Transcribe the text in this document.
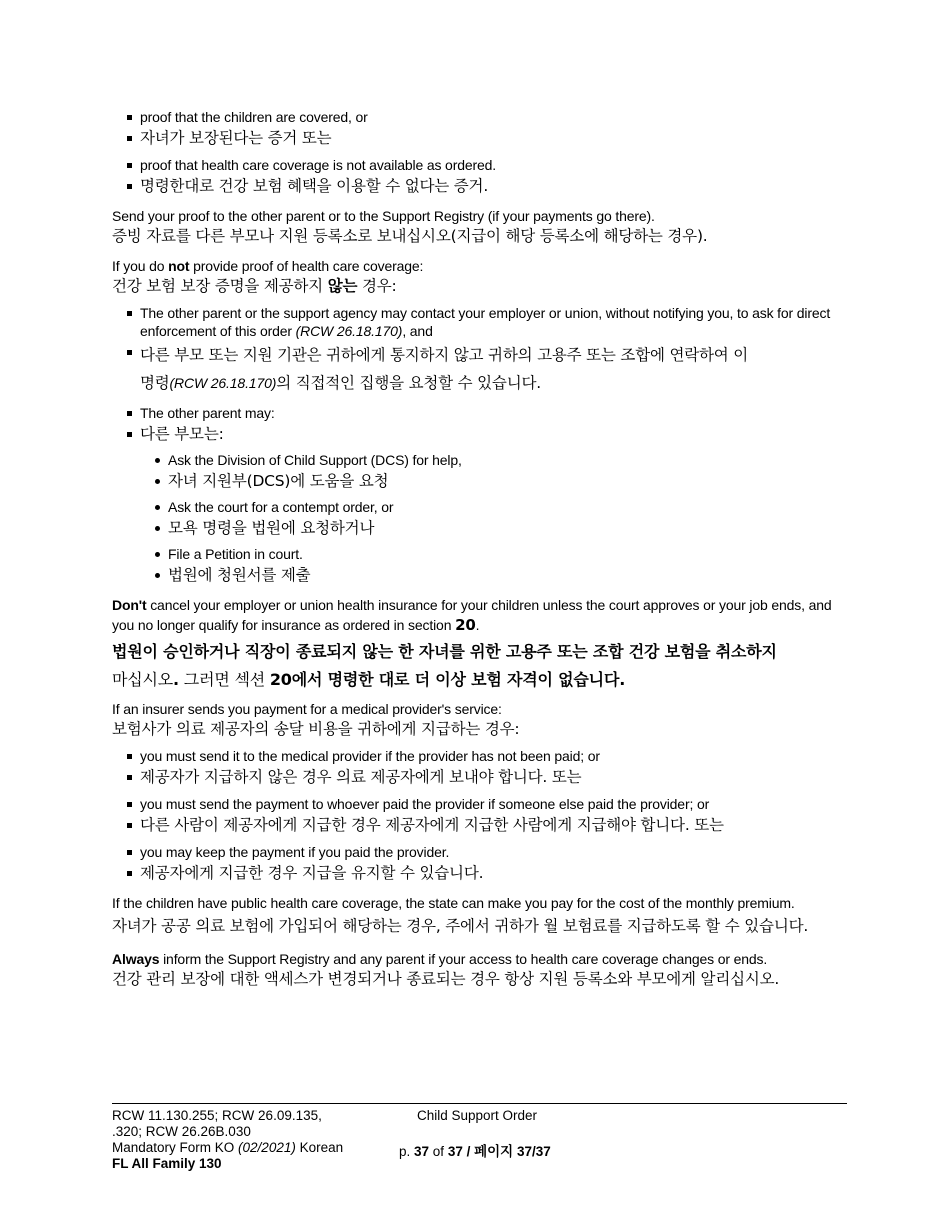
proof that the children are covered, or
자녀가 보장된다는 증거 또는
proof that health care coverage is not available as ordered.
명령한대로 건강 보험 혜택을 이용할 수 없다는 증거.

Send your proof to the other parent or to the Support Registry (if your payments go there).

증빙 자료를 다른 부모나 지원 등록소로 보내십시오(지급이 해당 등록소에 해당하는 경우).

If you do not provide proof of health care coverage:

건강 보험 보장 증명을 제공하지 않는 경우:

The other parent or the support agency may contact your employer or union, without notifying you, to ask for direct enforcement of this order (RCW 26.18.170), and
다른 부모 또는 지원 기관은 귀하에게 통지하지 않고 귀하의 고용주 또는 조합에 연락하여 이
명령(RCW 26.18.170)의 직접적인 집행을 요청할 수 있습니다.
The other parent may:
다른 부모는:
Ask the Division of Child Support (DCS) for help,
자녀 지원부(DCS)에 도움을 요청
Ask the court for a contempt order, or
모욕 명령을 법원에 요청하거나
File a Petition in court.
법원에 청원서를 제출

Don't cancel your employer or union health insurance for your children unless the court approves or your job ends, and you no longer qualify for insurance as ordered in section 20.

법원이 승인하거나 직장이 종료되지 않는 한 자녀를 위한 고용주 또는 조합 건강 보험을 취소하지
마십시오. 그러면 섹션 20에서 명령한 대로 더 이상 보험 자격이 없습니다.

If an insurer sends you payment for a medical provider's service:

보험사가 의료 제공자의 송달 비용을 귀하에게 지급하는 경우:

you must send it to the medical provider if the provider has not been paid; or
제공자가 지급하지 않은 경우 의료 제공자에게 보내야 합니다. 또는
you must send the payment to whoever paid the provider if someone else paid the provider; or
다른 사람이 제공자에게 지급한 경우 제공자에게 지급한 사람에게 지급해야 합니다. 또는
you may keep the payment if you paid the provider.
제공자에게 지급한 경우 지급을 유지할 수 있습니다.

If the children have public health care coverage, the state can make you pay for the cost of the monthly premium.

자녀가 공공 의료 보험에 가입되어 해당하는 경우, 주에서 귀하가 월 보험료를 지급하도록 할 수 있습니다.

Always inform the Support Registry and any parent if your access to health care coverage changes or ends.

건강 관리 보장에 대한 액세스가 변경되거나 종료되는 경우 항상 지원 등록소와 부모에게 알리십시오.

RCW 11.130.255; RCW 26.09.135,
.320; RCW 26.26B.030
Mandatory Form KO (02/2021) Korean
FL All Family 130
Child Support Order
p. 37 of 37 / 페이지 37/37
